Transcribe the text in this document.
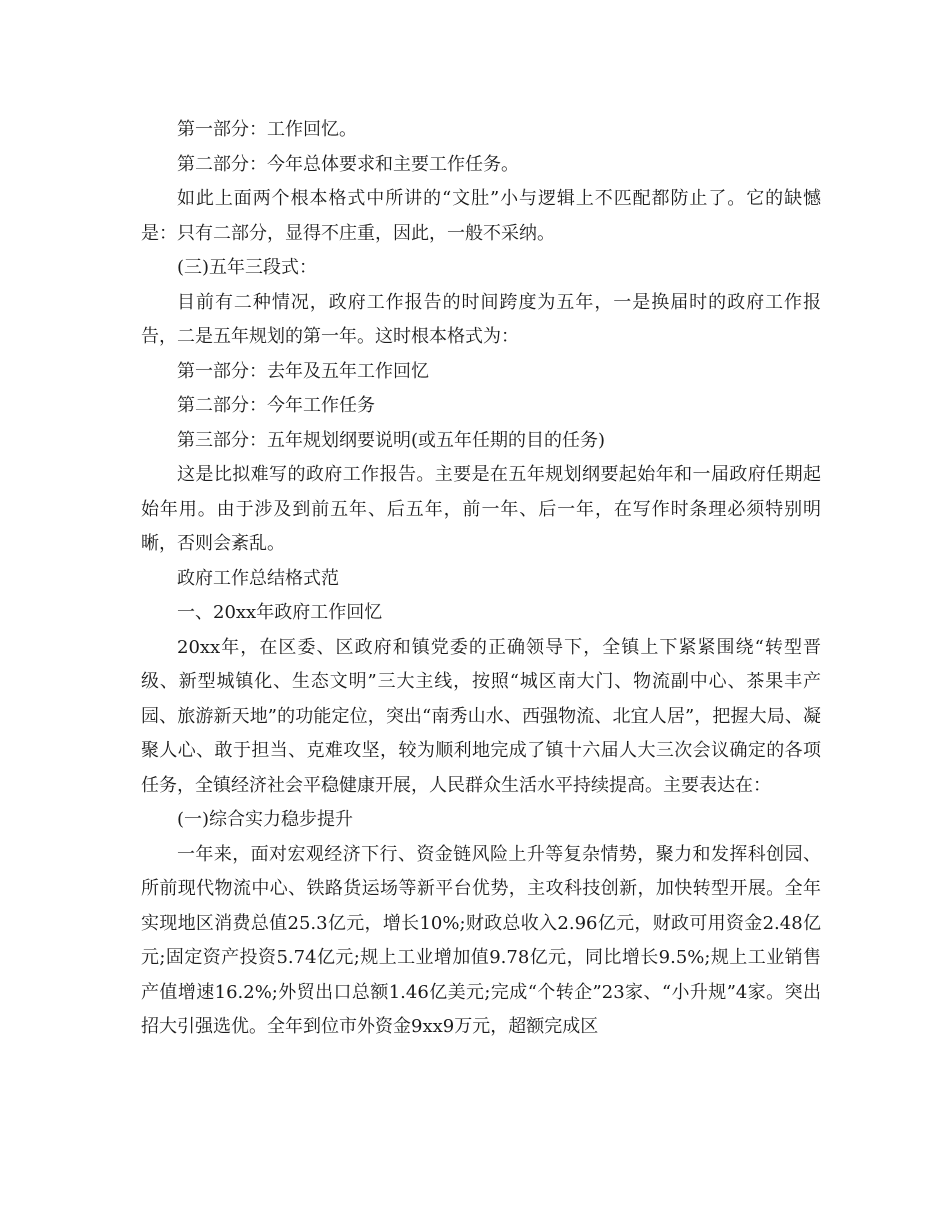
第一部分：工作回忆。

第二部分：今年总体要求和主要工作任务。

如此上面两个根本格式中所讲的“文肚”小与逻辑上不匹配都防止了。它的缺憾是：只有二部分，显得不庄重，因此，一般不采纳。

(三)五年三段式：

目前有二种情况，政府工作报告的时间跨度为五年，一是换届时的政府工作报告，二是五年规划的第一年。这时根本格式为：

第一部分：去年及五年工作回忆

第二部分：今年工作任务

第三部分：五年规划纲要说明(或五年任期的目的任务)

这是比拟难写的政府工作报告。主要是在五年规划纲要起始年和一届政府任期起始年用。由于涉及到前五年、后五年，前一年、后一年，在写作时条理必须特别明晰，否则会紊乱。

政府工作总结格式范

一、20xx年政府工作回忆

20xx年，在区委、区政府和镇党委的正确领导下，全镇上下紧紧围绕“转型晋级、新型城镇化、生态文明”三大主线，按照“城区南大门、物流副中心、茶果丰产园、旅游新天地”的功能定位，突出“南秀山水、西强物流、北宜人居”，把握大局、凝聚人心、敢于担当、克难攻坚，较为顺利地完成了镇十六届人大三次会议确定的各项任务，全镇经济社会平稳健康开展，人民群众生活水平持续提高。主要表达在：

(一)综合实力稳步提升

一年来，面对宏观经济下行、资金链风险上升等复杂情势，聚力和发挥科创园、所前现代物流中心、铁路货运场等新平台优势，主攻科技创新，加快转型开展。全年实现地区消费总值25.3亿元，增长10%;财政总收入2.96亿元，财政可用资金2.48亿元;固定资产投资5.74亿元;规上工业增加值9.78亿元，同比增长9.5%;规上工业销售产值增速16.2%;外贸出口总额1.46亿美元;完成“个转企”23家、“小升规”4家。突出招大引强选优。全年到位市外资金9xx9万元，超额完成区
